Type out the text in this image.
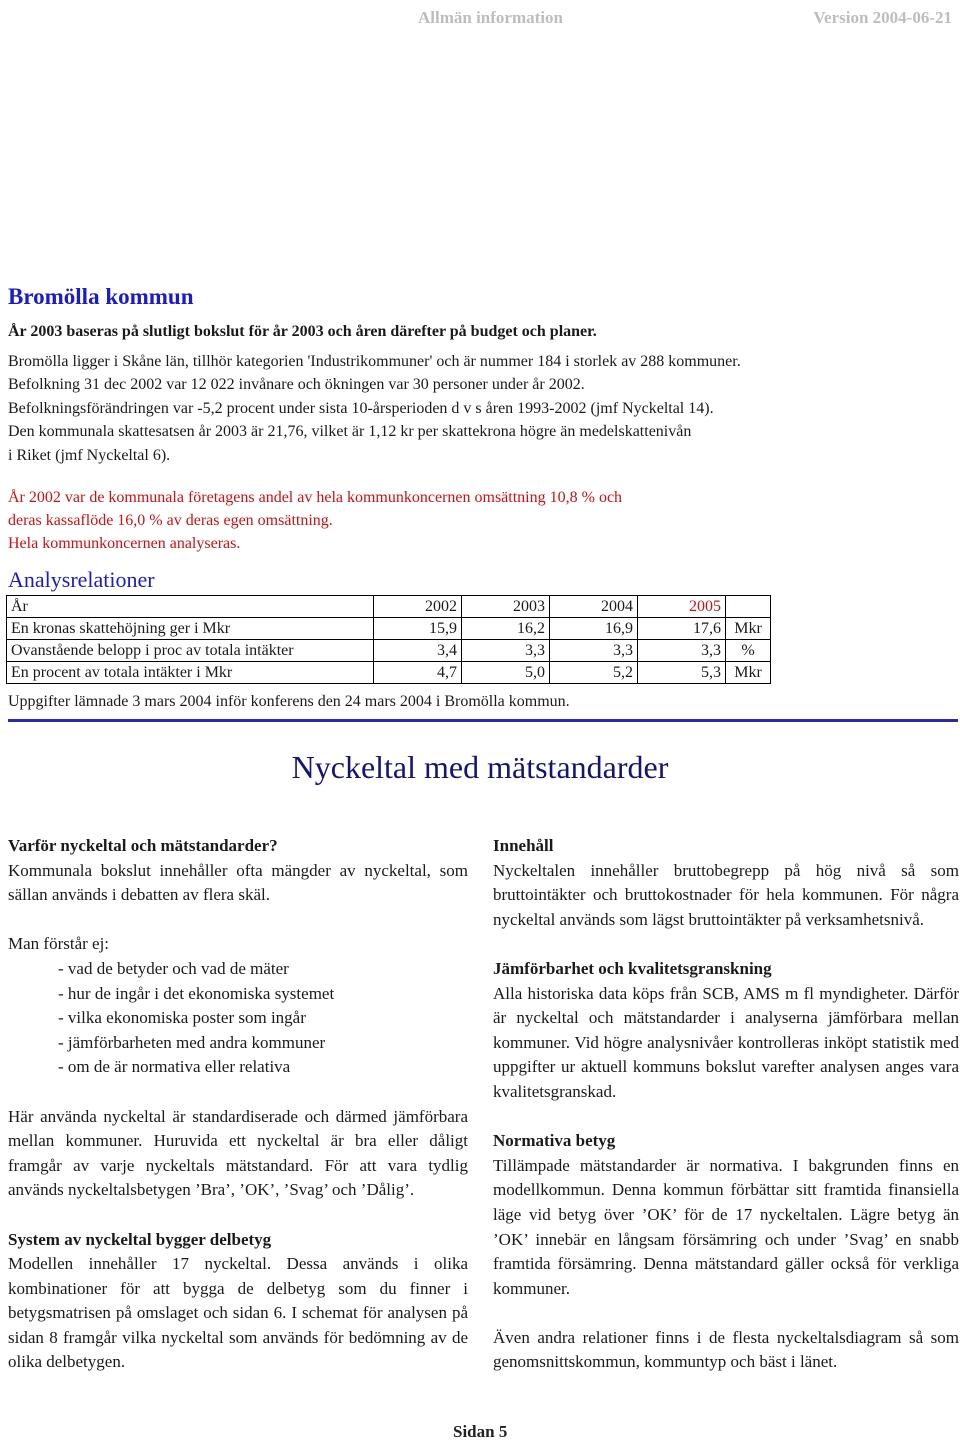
Allmän information	Version 2004-06-21
Bromölla kommun
År 2003 baseras på slutligt bokslut för år 2003 och åren därefter på budget och planer.
Bromölla ligger i Skåne län, tillhör kategorien 'Industrikommuner' och är nummer 184 i storlek av 288 kommuner.
Befolkning 31 dec 2002 var 12 022 invånare och ökningen var 30 personer under år 2002.
Befolkningsförändringen var -5,2 procent under sista 10-årsperioden d v s åren 1993-2002 (jmf Nyckeltal 14).
Den kommunala skattesatsen år 2003 är 21,76, vilket är 1,12 kr per skattekrona högre än medelskattenivån
i Riket (jmf Nyckeltal 6).
År 2002 var de kommunala företagens andel av hela kommunkoncernen omsättning 10,8 % och
deras kassaflöde 16,0 % av deras egen omsättning.
Hela kommunkoncernen analyseras.
Analysrelationer
År	2002	2003	2004	2005	
En kronas skattehöjning ger i Mkr	15,9	16,2	16,9	17,6	Mkr
Ovanstående belopp i proc av totala intäkter	3,4	3,3	3,3	3,3	%
En procent av totala intäkter i Mkr	4,7	5,0	5,2	5,3	Mkr
Uppgifter lämnade 3 mars 2004 inför konferens den 24 mars 2004 i Bromölla kommun.
Nyckeltal med mätstandarder
Varför nyckeltal och mätstandarder?

Kommunala bokslut innehåller ofta mängder av nyckeltal, som sällan används i debatten av flera skäl.

Man förstår ej:

- vad de betyder och vad de mäter
- hur de ingår i det ekonomiska systemet
- vilka ekonomiska poster som ingår
- jämförbarheten med andra kommuner
- om de är normativa eller relativa

Här använda nyckeltal är standardiserade och därmed jämförbara mellan kommuner. Huruvida ett nyckeltal är bra eller dåligt framgår av varje nyckeltals mätstandard. För att vara tydlig används nyckeltalsbetygen ’Bra’, ’OK’, ’Svag’ och ’Dålig’.

System av nyckeltal bygger delbetyg

Modellen innehåller 17 nyckeltal. Dessa används i olika kombinationer för att bygga de delbetyg som du finner i betygsmatrisen på omslaget och sidan 6. I schemat för analysen på sidan 8 framgår vilka nyckeltal som används för bedömning av de olika delbetygen.

Innehåll

Nyckeltalen innehåller bruttobegrepp på hög nivå så som bruttointäkter och bruttokostnader för hela kommunen. För några nyckeltal används som lägst bruttointäkter på verksamhetsnivå.

Jämförbarhet och kvalitetsgranskning

Alla historiska data köps från SCB, AMS m fl myndigheter. Därför är nyckeltal och mätstandarder i analyserna jämförbara mellan kommuner. Vid högre analysnivåer kontrolleras inköpt statistik med uppgifter ur aktuell kommuns bokslut varefter analysen anges vara kvalitetsgranskad.

Normativa betyg

Tillämpade mätstandarder är normativa. I bakgrunden finns en modellkommun. Denna kommun förbättar sitt framtida finansiella läge vid betyg över ’OK’ för de 17 nyckeltalen. Lägre betyg än ’OK’ innebär en långsam försämring och under ’Svag’ en snabb framtida försämring. Denna mätstandard gäller också för verkliga kommuner.

Även andra relationer finns i de flesta nyckeltalsdiagram så som genomsnittskommun, kommuntyp och bäst i länet.

Sidan 5
